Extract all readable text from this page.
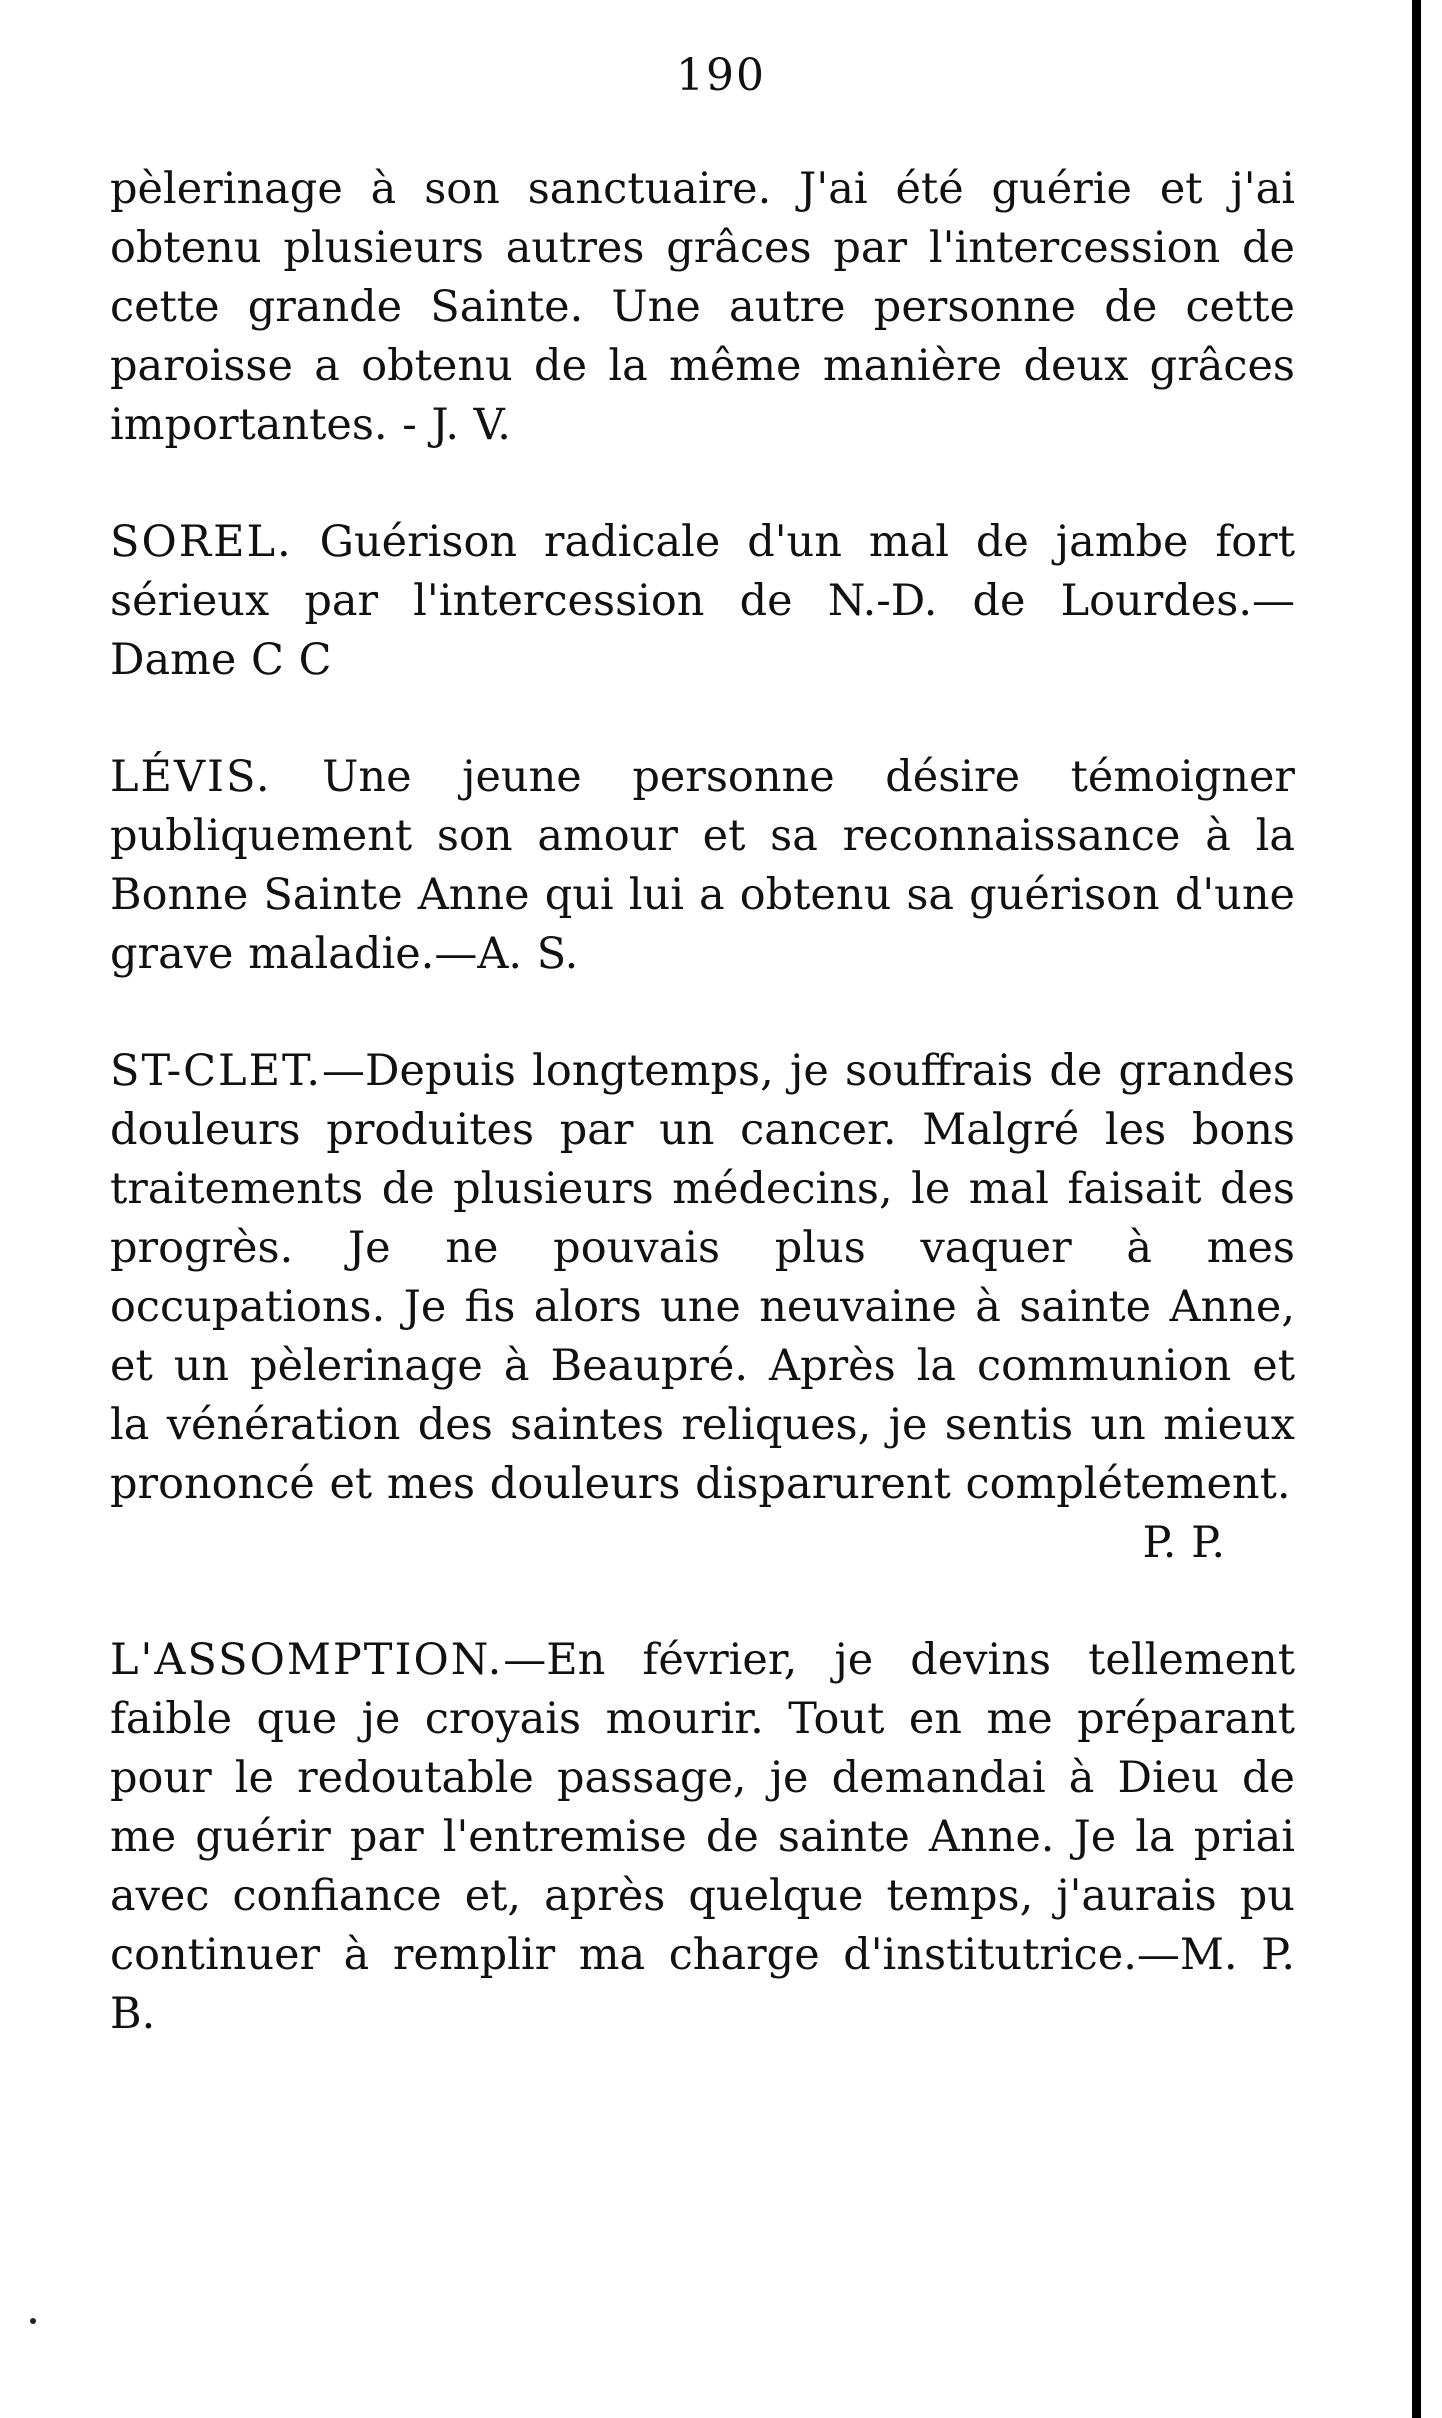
190

pèlerinage à son sanctuaire. J'ai été guérie et j'ai obtenu plusieurs autres grâces par l'intercession de cette grande Sainte. Une autre personne de cette paroisse a obtenu de la même manière deux grâces importantes. - J. V.

SOREL. Guérison radicale d'un mal de jambe fort sérieux par l'intercession de N.-D. de Lourdes.—Dame C C

LÉVIS. Une jeune personne désire témoigner publiquement son amour et sa reconnaissance à la Bonne Sainte Anne qui lui a obtenu sa guérison d'une grave maladie.—A. S.

ST-CLET.—Depuis longtemps, je souffrais de grandes douleurs produites par un cancer. Malgré les bons traitements de plusieurs médecins, le mal faisait des progrès. Je ne pouvais plus vaquer à mes occupations. Je fis alors une neuvaine à sainte Anne, et un pèlerinage à Beaupré. Après la communion et la vénération des saintes reliques, je sentis un mieux prononcé et mes douleurs disparurent complétement.
P. P.

L'ASSOMPTION.—En février, je devins tellement faible que je croyais mourir. Tout en me préparant pour le redoutable passage, je demandai à Dieu de me guérir par l'entremise de sainte Anne. Je la priai avec confiance et, après quelque temps, j'aurais pu continuer à remplir ma charge d'institutrice.—M. P. B.
